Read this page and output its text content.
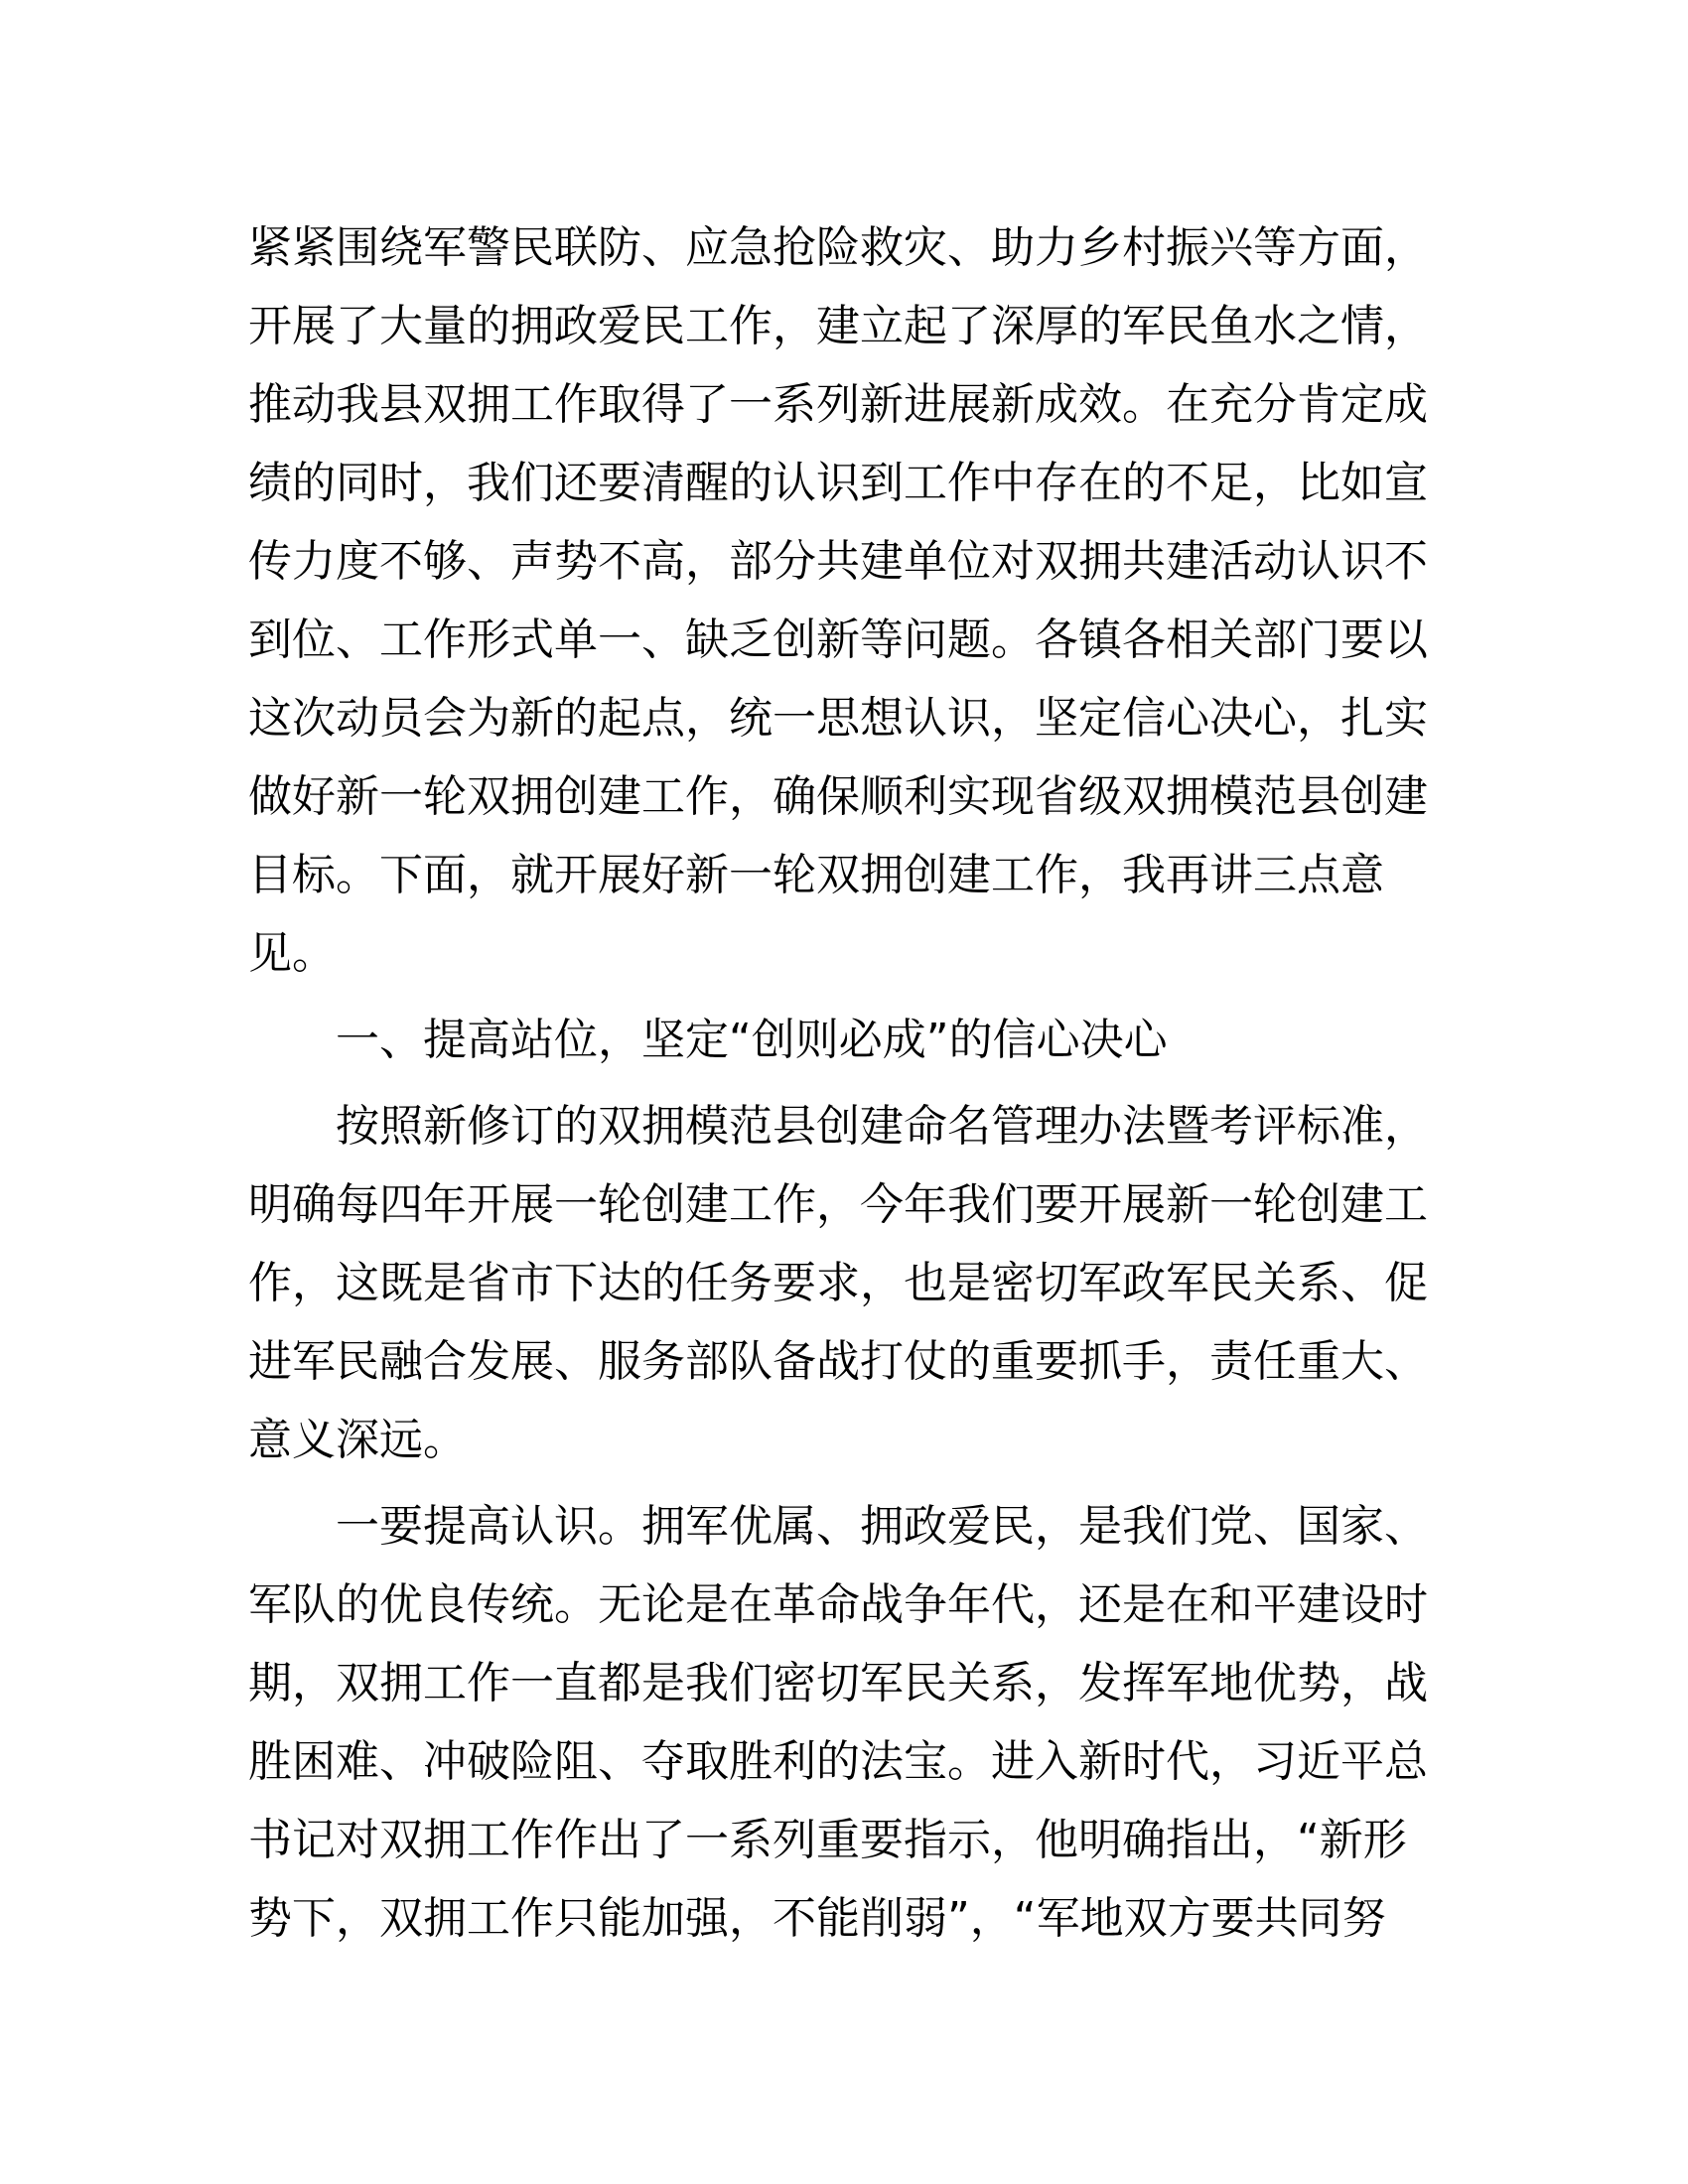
紧紧围绕军警民联防、应急抢险救灾、助力乡村振兴等方面，
开展了大量的拥政爱民工作，建立起了深厚的军民鱼水之情，
推动我县双拥工作取得了一系列新进展新成效。在充分肯定成
绩的同时，我们还要清醒的认识到工作中存在的不足，比如宣
传力度不够、声势不高，部分共建单位对双拥共建活动认识不
到位、工作形式单一、缺乏创新等问题。各镇各相关部门要以
这次动员会为新的起点，统一思想认识，坚定信心决心，扎实
做好新一轮双拥创建工作，确保顺利实现省级双拥模范县创建
目标。下面，就开展好新一轮双拥创建工作，我再讲三点意
见。
一、提高站位，坚定“创则必成”的信心决心
按照新修订的双拥模范县创建命名管理办法暨考评标准，
明确每四年开展一轮创建工作，今年我们要开展新一轮创建工
作，这既是省市下达的任务要求，也是密切军政军民关系、促
进军民融合发展、服务部队备战打仗的重要抓手，责任重大、
意义深远。
一要提高认识。拥军优属、拥政爱民，是我们党、国家、
军队的优良传统。无论是在革命战争年代，还是在和平建设时
期，双拥工作一直都是我们密切军民关系，发挥军地优势，战
胜困难、冲破险阻、夺取胜利的法宝。进入新时代，习近平总
书记对双拥工作作出了一系列重要指示，他明确指出，“新形
势下，双拥工作只能加强，不能削弱”，“军地双方要共同努
